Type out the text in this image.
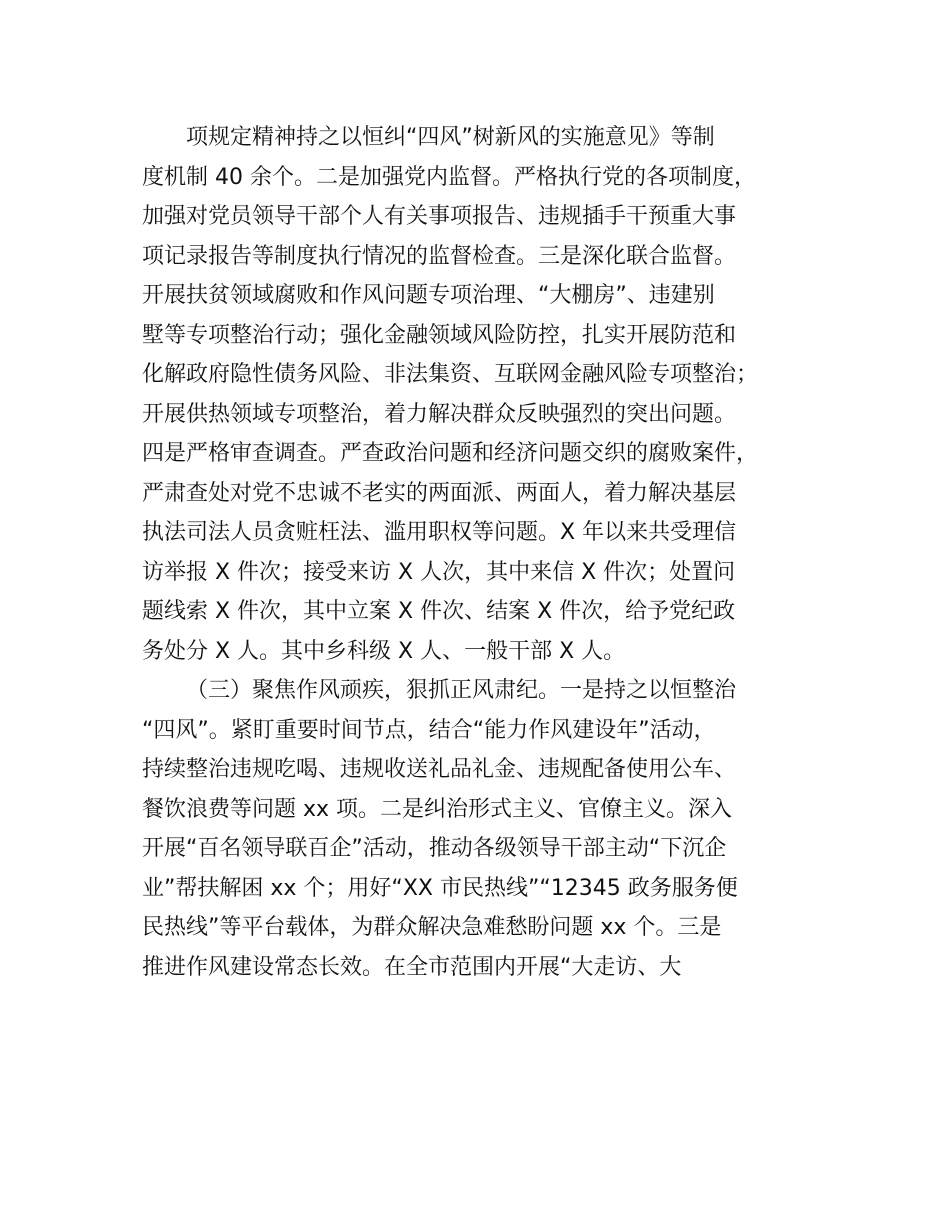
项规定精神持之以恒纠“四风”树新风的实施意见》等制
度机制 40 余个。二是加强党内监督。严格执行党的各项制度，
加强对党员领导干部个人有关事项报告、违规插手干预重大事
项记录报告等制度执行情况的监督检查。三是深化联合监督。
开展扶贫领域腐败和作风问题专项治理、“大棚房”、违建别
墅等专项整治行动；强化金融领域风险防控，扎实开展防范和
化解政府隐性债务风险、非法集资、互联网金融风险专项整治；
开展供热领域专项整治，着力解决群众反映强烈的突出问题。
四是严格审查调查。严查政治问题和经济问题交织的腐败案件，
严肃查处对党不忠诚不老实的两面派、两面人，着力解决基层
执法司法人员贪赃枉法、滥用职权等问题。X 年以来共受理信
访举报 X 件次；接受来访 X 人次，其中来信 X 件次；处置问
题线索 X 件次，其中立案 X 件次、结案 X 件次，给予党纪政
务处分 X 人。其中乡科级 X 人、一般干部 X 人。
（三）聚焦作风顽疾，狠抓正风肃纪。一是持之以恒整治
“四风”。紧盯重要时间节点，结合“能力作风建设年”活动，
持续整治违规吃喝、违规收送礼品礼金、违规配备使用公车、
餐饮浪费等问题 xx 项。二是纠治形式主义、官僚主义。深入
开展“百名领导联百企”活动，推动各级领导干部主动“下沉企
业”帮扶解困 xx 个；用好“XX 市民热线”“12345 政务服务便
民热线”等平台载体，为群众解决急难愁盼问题 xx 个。三是
推进作风建设常态长效。在全市范围内开展“大走访、大
